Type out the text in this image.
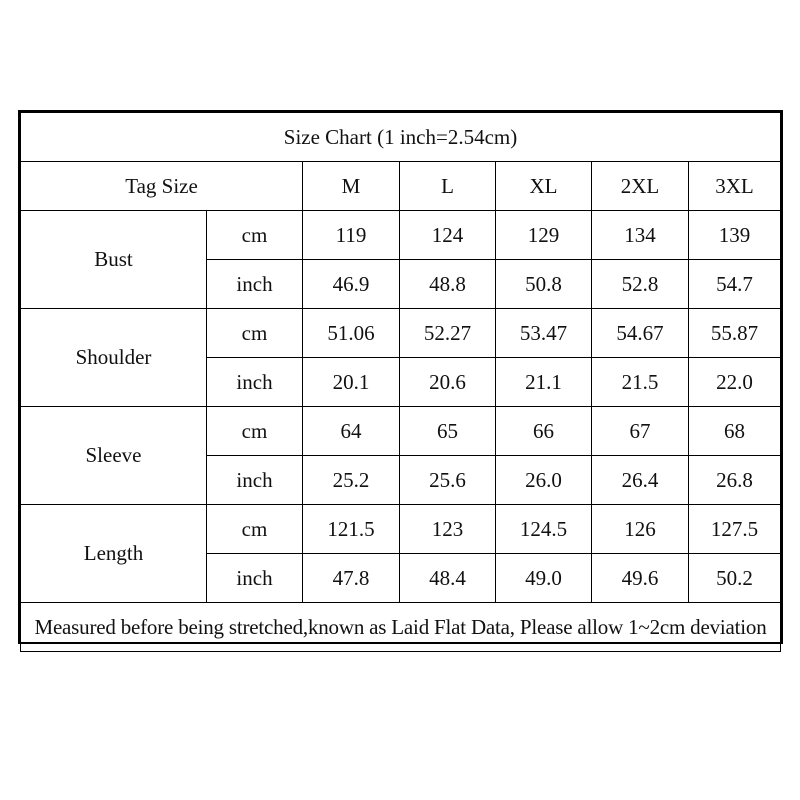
Size Chart (1 inch=2.54cm)						
Tag Size		M	L	XL	2XL	3XL
Bust	cm	119	124	129	134	139
	inch	46.9	48.8	50.8	52.8	54.7
Shoulder	cm	51.06	52.27	53.47	54.67	55.87
	inch	20.1	20.6	21.1	21.5	22.0
Sleeve	cm	64	65	66	67	68
	inch	25.2	25.6	26.0	26.4	26.8
Length	cm	121.5	123	124.5	126	127.5
	inch	47.8	48.4	49.0	49.6	50.2
Measured before being stretched,known as Laid Flat Data, Please allow 1~2cm deviation						
